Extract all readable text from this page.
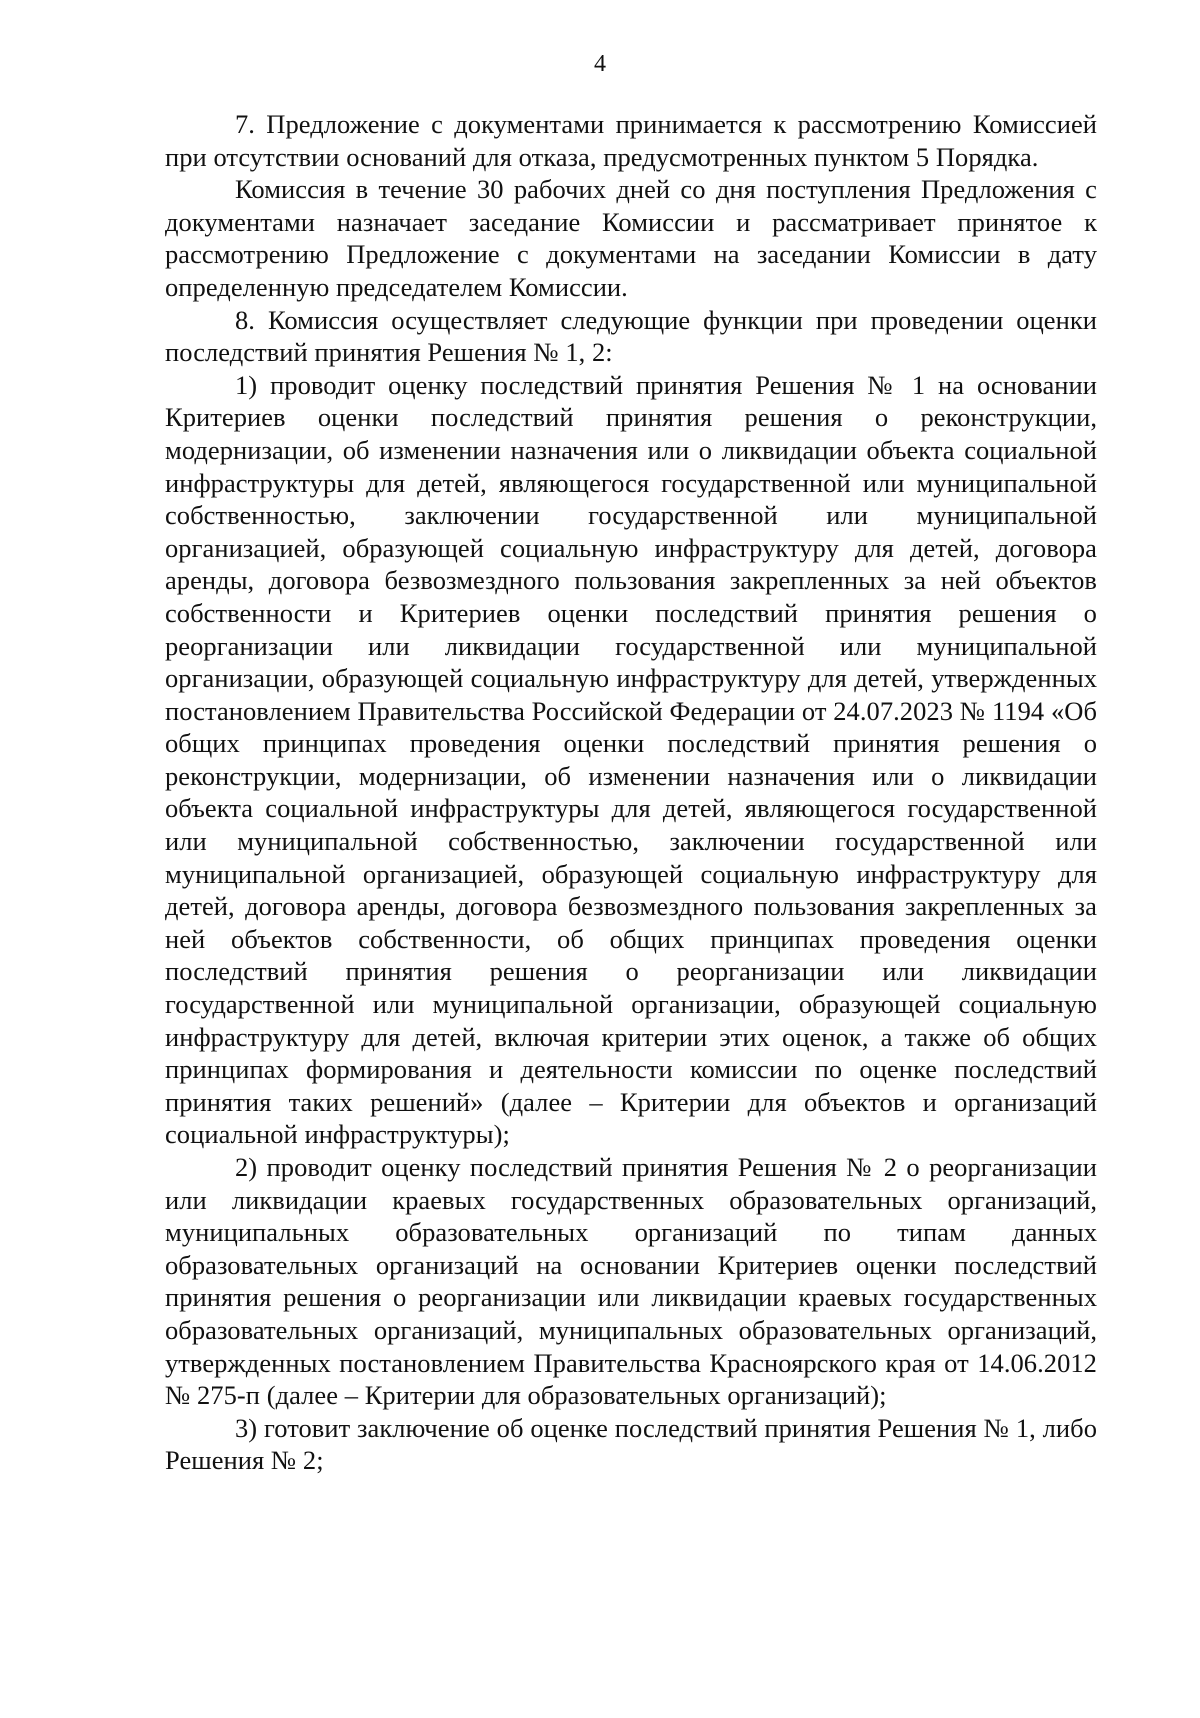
4

7. Предложение с документами принимается к рассмотрению Комиссией при отсутствии оснований для отказа, предусмотренных пунктом 5 Порядка.

Комиссия в течение 30 рабочих дней со дня поступления Предложения с документами назначает заседание Комиссии и рассматривает принятое к рассмотрению Предложение с документами на заседании Комиссии в дату определенную председателем Комиссии.

8. Комиссия осуществляет следующие функции при проведении оценки последствий принятия Решения № 1, 2:

1) проводит оценку последствий принятия Решения № 1 на основании Критериев оценки последствий принятия решения о реконструкции, модернизации, об изменении назначения или о ликвидации объекта социальной инфраструктуры для детей, являющегося государственной или муниципальной собственностью, заключении государственной или муниципальной организацией, образующей социальную инфраструктуру для детей, договора аренды, договора безвозмездного пользования закрепленных за ней объектов собственности и Критериев оценки последствий принятия решения о реорганизации или ликвидации государственной или муниципальной организации, образующей социальную инфраструктуру для детей, утвержденных постановлением Правительства Российской Федерации от 24.07.2023 № 1194 «Об общих принципах проведения оценки последствий принятия решения о реконструкции, модернизации, об изменении назначения или о ликвидации объекта социальной инфраструктуры для детей, являющегося государственной или муниципальной собственностью, заключении государственной или муниципальной организацией, образующей социальную инфраструктуру для детей, договора аренды, договора безвозмездного пользования закрепленных за ней объектов собственности, об общих принципах проведения оценки последствий принятия решения о реорганизации или ликвидации государственной или муниципальной организации, образующей социальную инфраструктуру для детей, включая критерии этих оценок, а также об общих принципах формирования и деятельности комиссии по оценке последствий принятия таких решений» (далее – Критерии для объектов и организаций социальной инфраструктуры);

2) проводит оценку последствий принятия Решения № 2 о реорганизации или ликвидации краевых государственных образовательных организаций, муниципальных образовательных организаций по типам данных образовательных организаций на основании Критериев оценки последствий принятия решения о реорганизации или ликвидации краевых государственных образовательных организаций, муниципальных образовательных организаций, утвержденных постановлением Правительства Красноярского края от 14.06.2012 № 275-п (далее – Критерии для образовательных организаций);

3) готовит заключение об оценке последствий принятия Решения № 1, либо Решения № 2;
